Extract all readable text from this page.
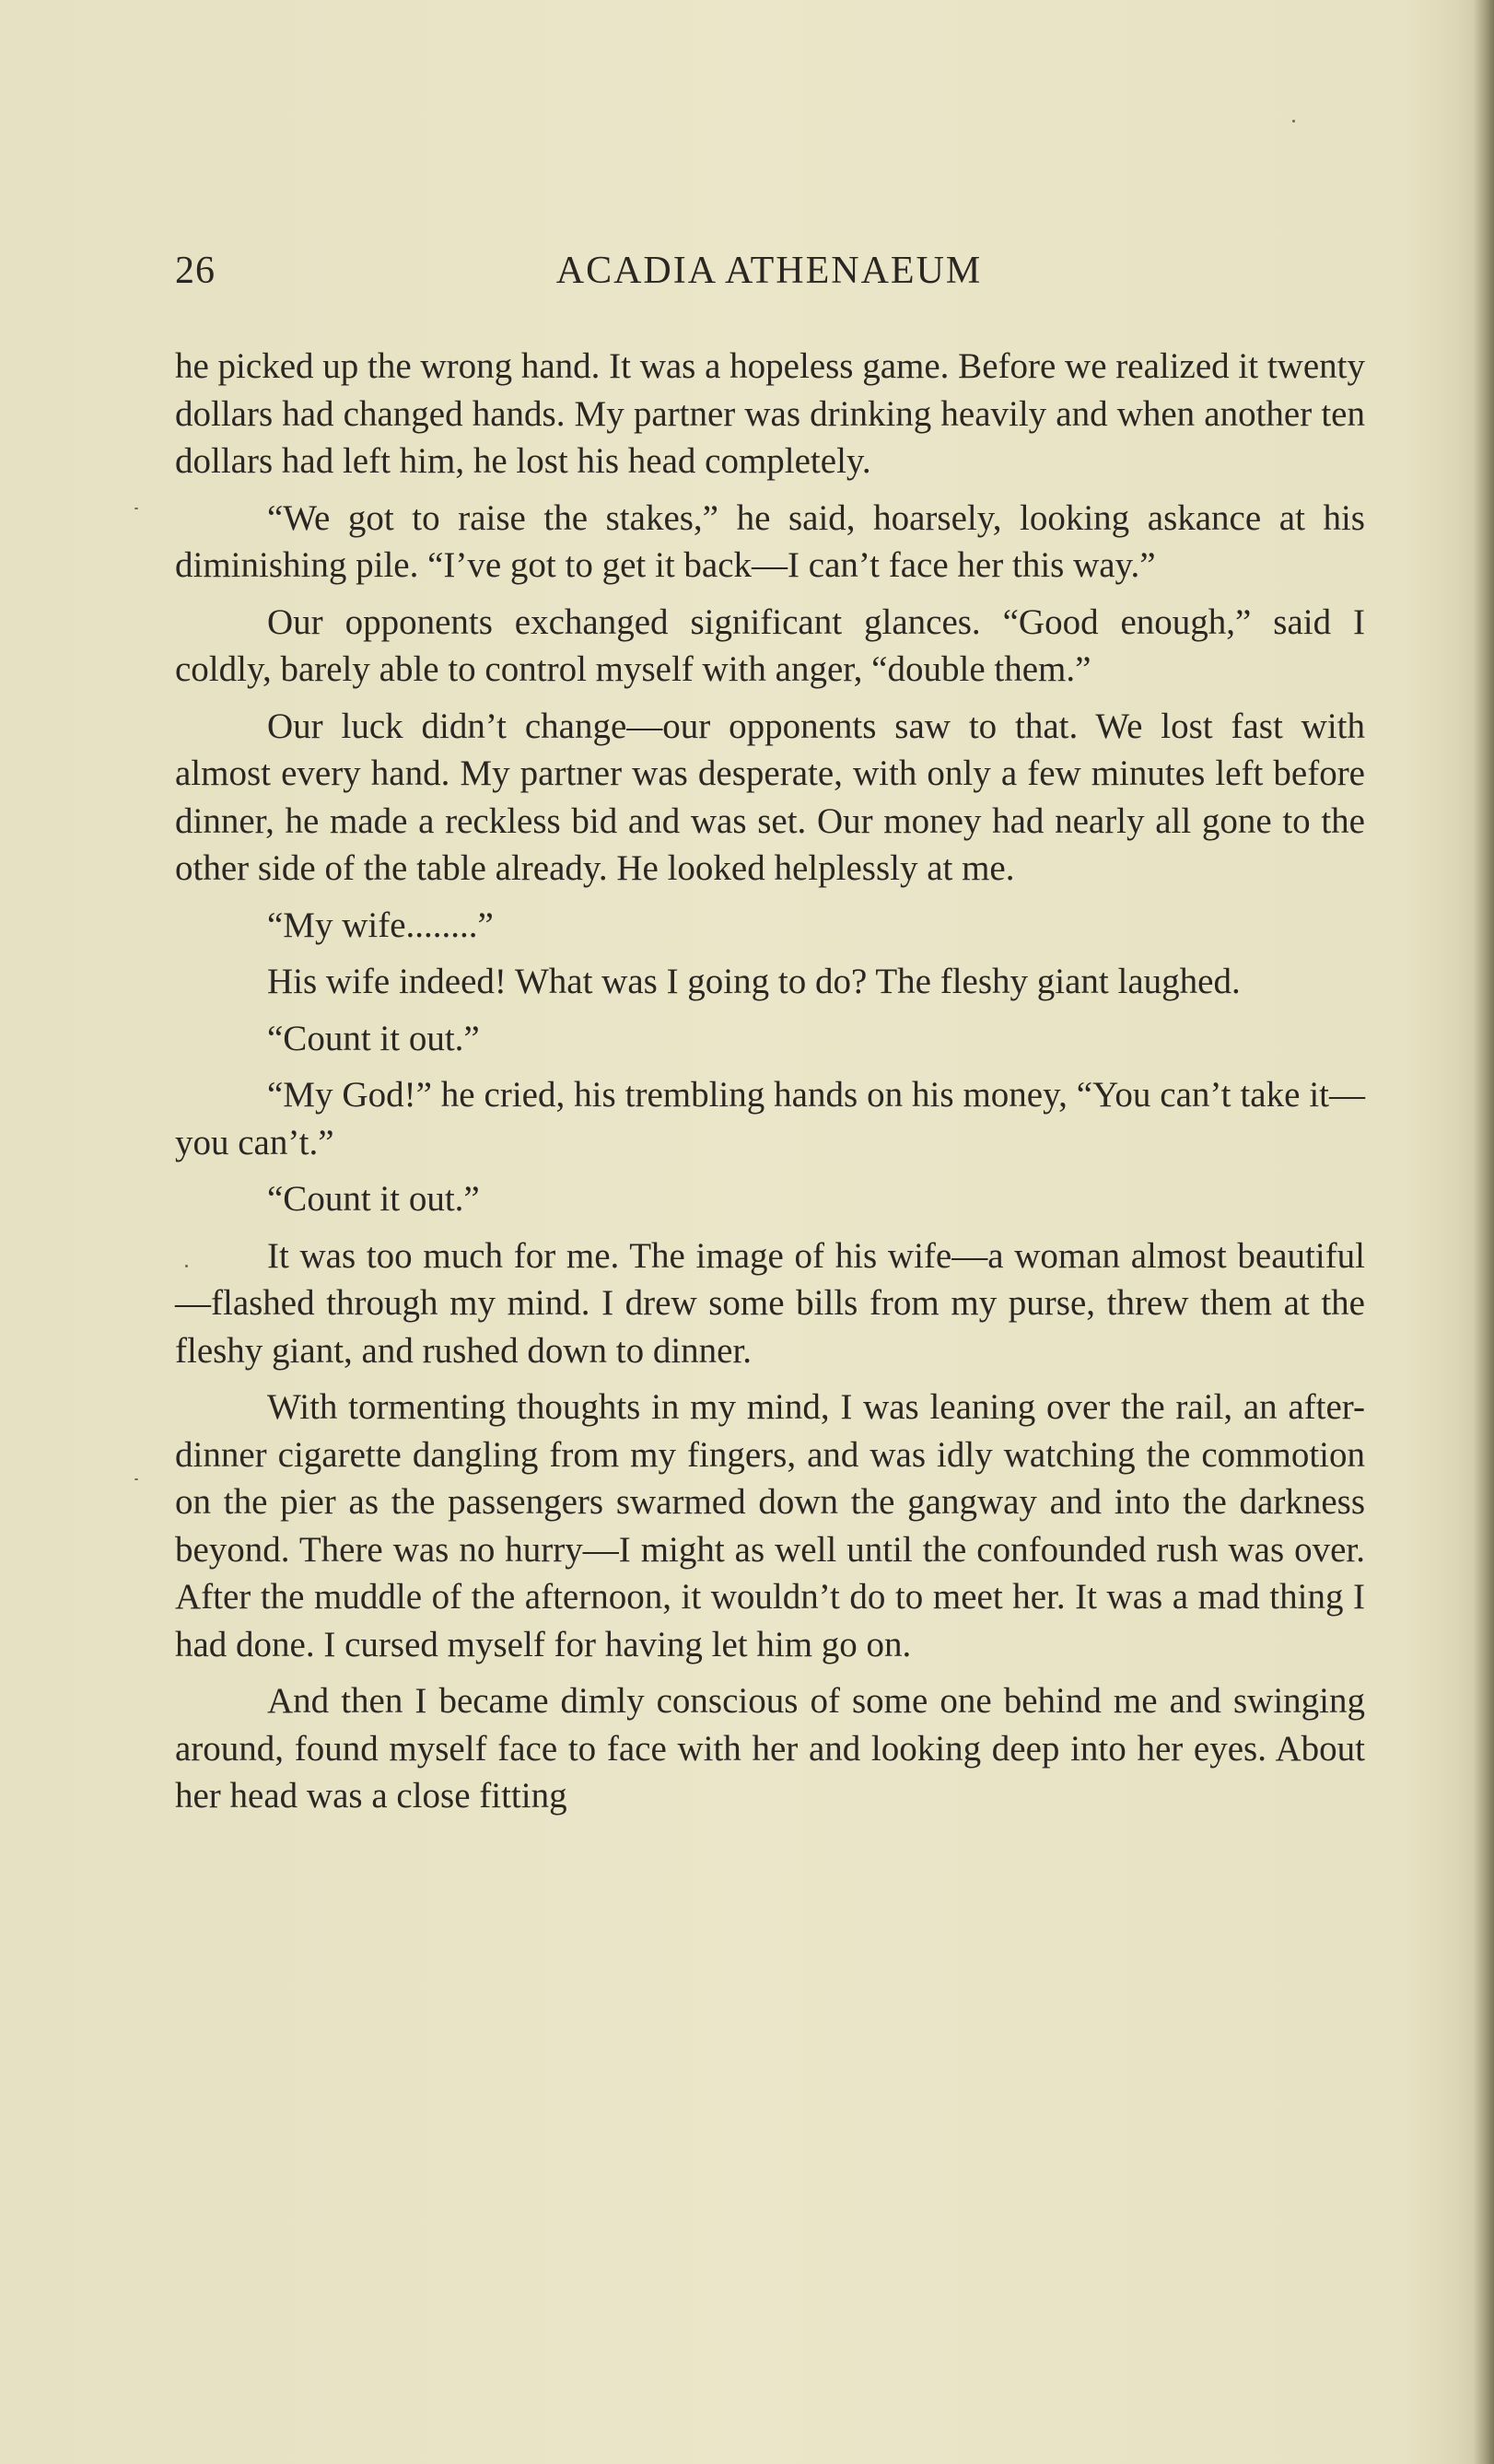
26	ACADIA ATHENAEUM

he picked up the wrong hand. It was a hopeless game. Before we realized it twenty dollars had changed hands. My partner was drinking heavily and when another ten dollars had left him, he lost his head completely.

“We got to raise the stakes,” he said, hoarsely, looking askance at his diminishing pile. “I’ve got to get it back—I can’t face her this way.”

Our opponents exchanged significant glances. “Good enough,” said I coldly, barely able to control myself with anger, “double them.”

Our luck didn’t change—our opponents saw to that. We lost fast with almost every hand. My partner was desperate, with only a few minutes left before dinner, he made a reckless bid and was set. Our money had nearly all gone to the other side of the table already. He looked helplessly at me.

“My wife........”

His wife indeed! What was I going to do? The fleshy giant laughed.

“Count it out.”

“My God!” he cried, his trembling hands on his money, “You can’t take it—you can’t.”

“Count it out.”

It was too much for me. The image of his wife—a woman almost beautiful—flashed through my mind. I drew some bills from my purse, threw them at the fleshy giant, and rushed down to dinner.

With tormenting thoughts in my mind, I was leaning over the rail, an after-dinner cigarette dangling from my fingers, and was idly watching the commotion on the pier as the passengers swarmed down the gangway and into the darkness beyond. There was no hurry—I might as well until the confounded rush was over. After the muddle of the afternoon, it wouldn’t do to meet her. It was a mad thing I had done. I cursed myself for having let him go on.

And then I became dimly conscious of some one behind me and swinging around, found myself face to face with her and looking deep into her eyes. About her head was a close fitting
